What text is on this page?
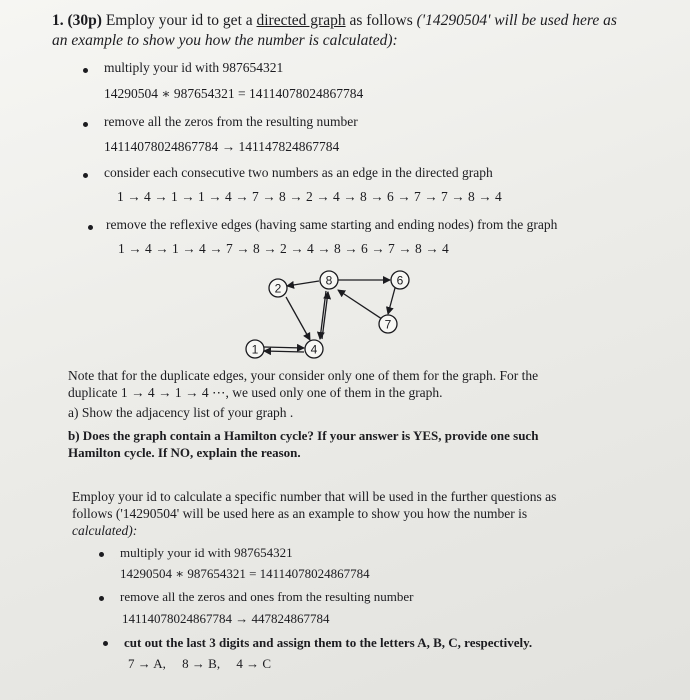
1. (30p) Employ your id to get a directed graph as follows ('14290504' will be used here as
an example to show you how the number is calculated):
multiply your id with 987654321
14290504 ∗ 987654321 = 14114078024867784
remove all the zeros from the resulting number
14114078024867784 → 141147824867784
consider each consecutive two numbers as an edge in the directed graph
1 → 4 → 1 → 1 → 4 → 7 → 8 → 2 → 4 → 8 → 6 → 7 → 7 → 8 → 4
remove the reflexive edges (having same starting and ending nodes) from the graph
1 → 4 → 1 → 4 → 7 → 8 → 2 → 4 → 8 → 6 → 7 → 8 → 4
2
8	6
7
1	4
Note that for the duplicate edges, your consider only one of them for the graph. For the
duplicate 1 → 4 → 1 → 4 ⋯, we used only one of them in the graph.
a) Show the adjacency list of your graph .
b) Does the graph contain a Hamilton cycle? If your answer is YES, provide one such
Hamilton cycle. If NO, explain the reason.
Employ your id to calculate a specific number that will be used in the further questions as
follows ('14290504' will be used here as an example to show you how the number is
calculated):
multiply your id with 987654321
14290504 ∗ 987654321 = 14114078024867784
remove all the zeros and ones from the resulting number
14114078024867784 → 447824867784
cut out the last 3 digits and assign them to the letters A, B, C, respectively.
7 → A,     8 → B,     4 → C
